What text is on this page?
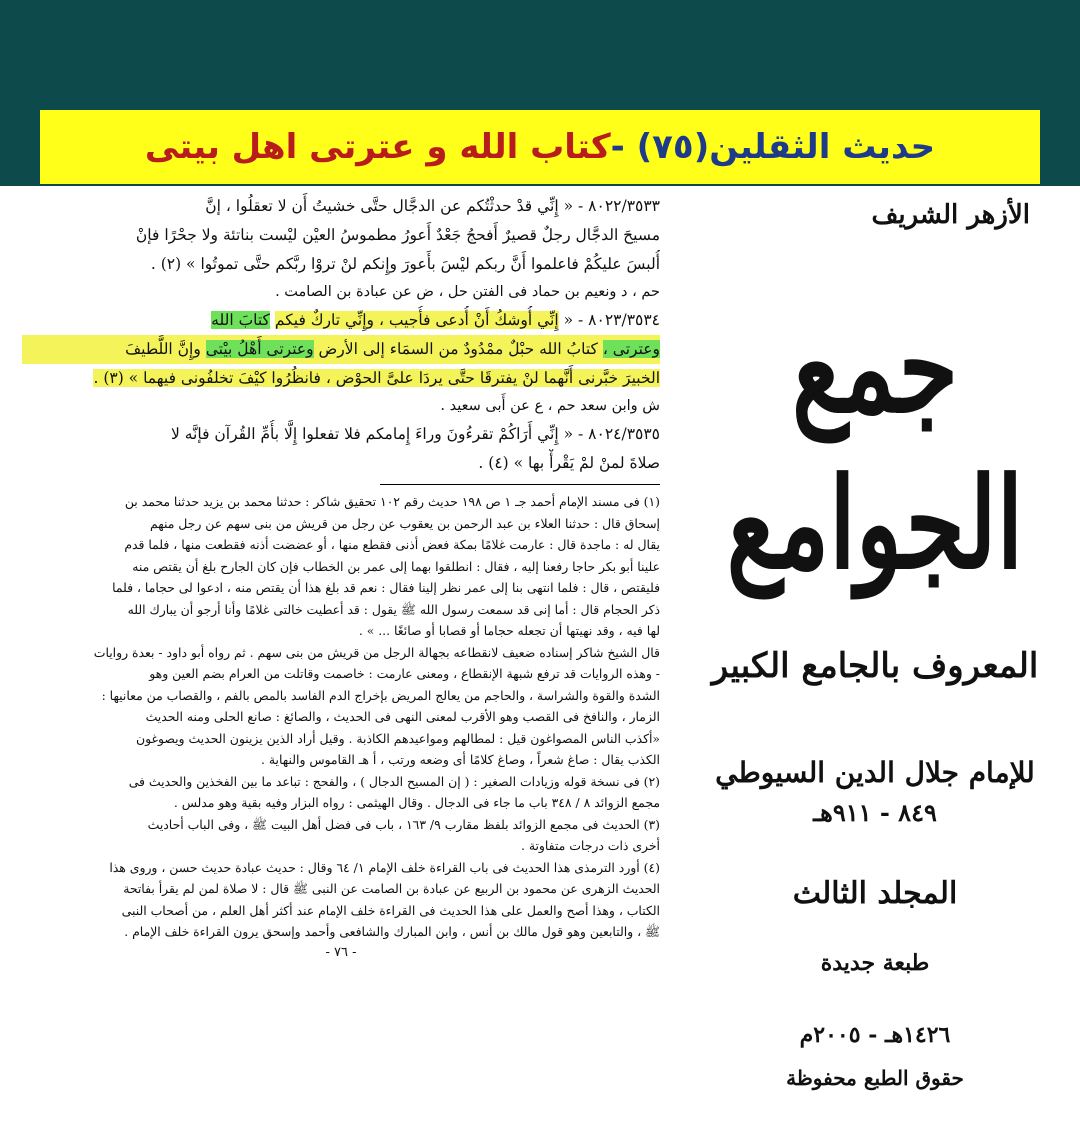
حديث الثقلين(٧٥) -
كتاب الله و عترتى اهل بيتى
الأزهر الشريف
جمع الجوامع
المعروف بالجامع الكبير
للإمام جلال الدين السيوطي
٨٤٩ - ٩١١هـ
المجلد الثالث
طبعة جديدة
١٤٢٦هـ - ٢٠٠٥م
حقوق الطبع محفوظة
٨٠٢٢/٣٥٣٣ - « إِنِّي قدْ حدثْتُكم عن الدجَّال حتَّى خشيتُ أَن لا تعقلُوا ، إنَّ
مسيحَ الدجَّال رجلٌ قصيرٌ أَفحجُ جَعْدٌ أَعورُ مطموسُ العيْن ليْست بناتئة ولا جحْرًا فإنْ
أُلبسَ عليكُمْ فاعلموا أَنَّ ربكم ليْسَ بأَعورَ وإِنكم لنْ تروْا ربَّكم حتَّى تموتُوا » (٢) .
حم ، د ونعيم بن حماد فى الفتن حل ، ض عن عبادة بن الصامت .
٨٠٢٣/٣٥٣٤ - « إِنِّي أُوشكُ أَنْ أُدعى فأُجيب ، وإِنِّي تاركٌ فيكم كتابَ الله
وعترتى ، كتابُ الله حبْلٌ ممْدُودٌ من السمَاء إلى الأرض وعترتى أَهْلُ بيْتى وإِنَّ اللَّطيفَ
الخبيرَ خبَّرنى أَنَّهما لنْ يفترقَا حتَّى يردَا علىَّ الحوْض ، فانظُرُوا كيْفَ تخلفُونى فيهما » (٣) .
ش وابن سعد حم ، ع عن أَبى سعيد .
٨٠٢٤/٣٥٣٥ - « إِنِّي أَرَاكُمْ تقرءُونَ وراءَ إِمامكم فلا تفعلوا إِلَّا بأُمِّ القُرآن فإنَّه لا
صلاةَ لمنْ لمْ يَقْرأْ بها » (٤) .
(١) فى مسند الإمام أحمد جـ ١ ص ١٩٨ حديث رقم ١٠٢ تحقيق شاكر : حدثنا محمد بن يزيد حدثنا محمد بن
إسحاق قال : حدثنا العلاء بن عبد الرحمن بن يعقوب عن رجل من قريش من بنى سهم عن رجل منهم
يقال له : ماجدة قال : عارمت غلامًا بمكة فعض أذنى فقطع منها ، أو عضضت أذنه فقطعت منها ، فلما قدم
علينا أبو بكر حاجا رفعنا إليه ، فقال : انطلقوا بهما إلى عمر بن الخطاب فإن كان الجارح بلغ أن يقتص منه
فليقتص ، قال : فلما انتهى بنا إلى عمر نظر إلينا فقال : نعم قد بلغ هذا أن يقتص منه ، ادعوا لى حجاما ، فلما
ذكر الحجام قال : أما إنى قد سمعت رسول الله ﷺ يقول : قد أعطيت خالتى غلامًا وأنا أرجو أن يبارك الله
لها فيه ، وقد نهيتها أن تجعله حجاما أو قصابا أو صائغًا ... » .
قال الشيخ شاكر إسناده ضعيف لانقطاعه بجهالة الرجل من قريش من بنى سهم . ثم رواه أبو داود - بعدة روايات
- وهذه الروايات قد ترفع شبهة الإنقطاع ، ومعنى عارمت : خاصمت وقاتلت من العرام بضم العين وهو
الشدة والقوة والشراسة ، والحاجم من يعالج المريض بإخراج الدم الفاسد بالمص بالفم ، والقصاب من معانيها :
الزمار ، والنافخ فى القصب وهو الأقرب لمعنى النهى فى الحديث ، والصائغ : صانع الحلى ومنه الحديث
«أكذب الناس المصواغون قيل : لمطالهم ومواعيدهم الكاذبة . وقيل أراد الذين يزينون الحديث ويصوغون
الكذب يقال : صاغ شعراً ، وصاغ كلامًا أى وضعه ورتب ، أ هـ القاموس والنهاية .
(٢) فى نسخة قوله وزيادات الصغير : ( إن المسيح الدجال ) ، والفحج : تباعد ما بين الفخذين والحديث فى
مجمع الزوائد ٨ / ٣٤٨ باب ما جاء فى الدجال . وقال الهيثمى : رواه البزار وفيه بقية وهو مدلس .
(٣) الحديث فى مجمع الزوائد بلفظ مقارب ٩/ ١٦٣ ، باب فى فضل أهل البيت ﷺ ، وفى الباب أحاديث
أخرى ذات درجات متفاوتة .
(٤) أورد الترمذى هذا الحديث فى باب القراءة خلف الإمام ١/ ٦٤ وقال : حديث عبادة حديث حسن ، وروى هذا
الحديث الزهرى عن محمود بن الربيع عن عبادة بن الصامت عن النبى ﷺ قال : لا صلاة لمن لم يقرأ بفاتحة
الكتاب ، وهذا أصح والعمل على هذا الحديث فى القراءة خلف الإمام عند أكثر أهل العلم ، من أصحاب النبى
ﷺ ، والتابعين وهو قول مالك بن أنس ، وابن المبارك والشافعى وأحمد وإسحق يرون القراءة خلف الإمام .
- ٧٦ -
